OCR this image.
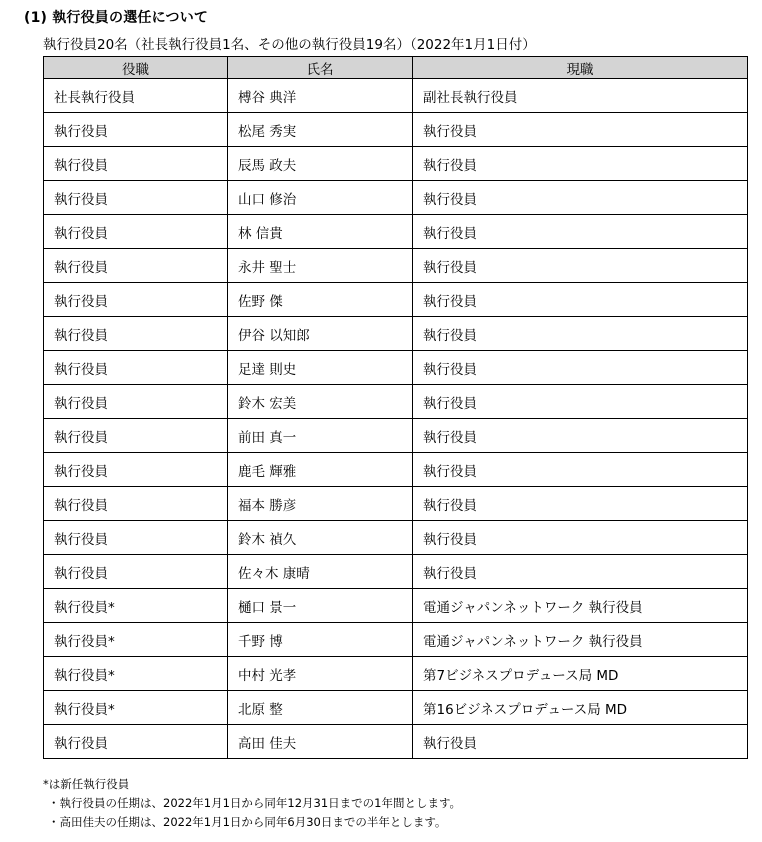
(1) 執行役員の選任について
執行役員20名（社長執行役員1名、その他の執行役員19名）（2022年1月1日付）
役職	氏名	現職
社長執行役員	榑谷 典洋	副社長執行役員
執行役員	松尾 秀実	執行役員
執行役員	辰馬 政夫	執行役員
執行役員	山口 修治	執行役員
執行役員	林 信貴	執行役員
執行役員	永井 聖士	執行役員
執行役員	佐野 傑	執行役員
執行役員	伊谷 以知郎	執行役員
執行役員	足達 則史	執行役員
執行役員	鈴木 宏美	執行役員
執行役員	前田 真一	執行役員
執行役員	鹿毛 輝雅	執行役員
執行役員	福本 勝彦	執行役員
執行役員	鈴木 禎久	執行役員
執行役員	佐々木 康晴	執行役員
執行役員*	樋口 景一	電通ジャパンネットワーク 執行役員
執行役員*	千野 博	電通ジャパンネットワーク 執行役員
執行役員*	中村 光孝	第7ビジネスプロデュース局 MD
執行役員*	北原 整	第16ビジネスプロデュース局 MD
執行役員	高田 佳夫	執行役員
*は新任執行役員
・執行役員の任期は、2022年1月1日から同年12月31日までの1年間とします。
・高田佳夫の任期は、2022年1月1日から同年6月30日までの半年とします。
